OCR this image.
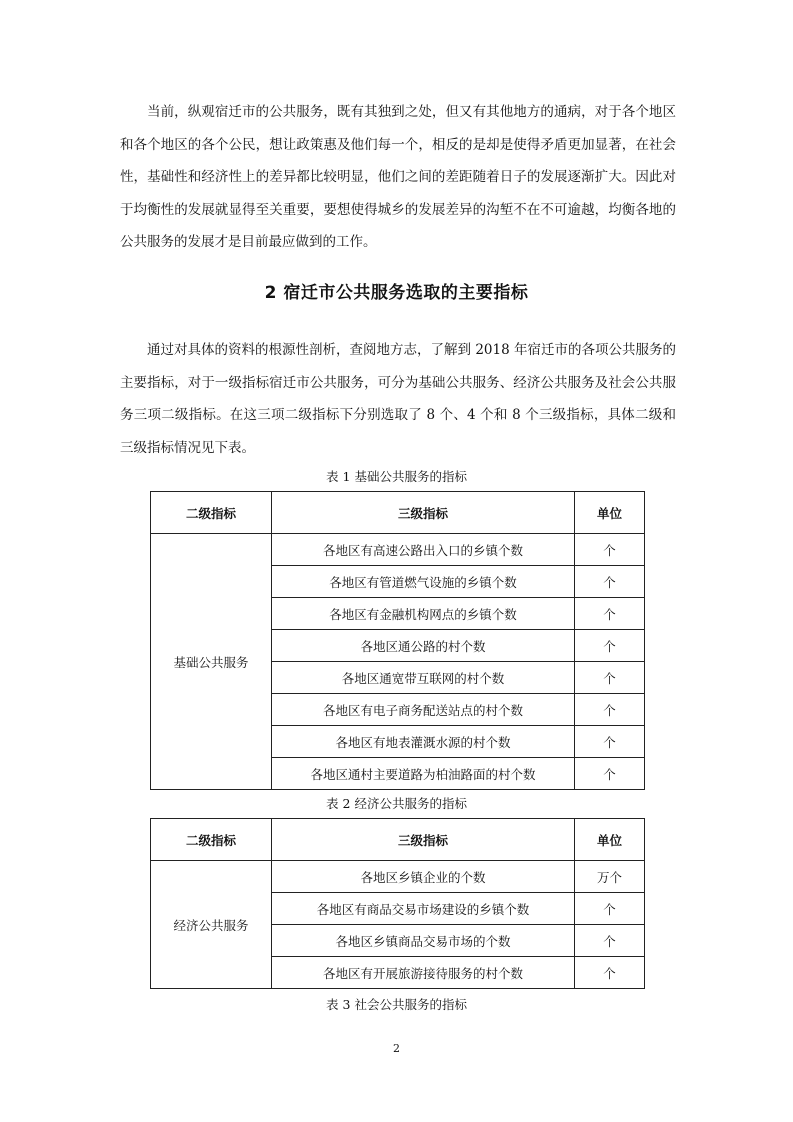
当前，纵观宿迁市的公共服务，既有其独到之处，但又有其他地方的通病，对于各个地区和各个地区的各个公民，想让政策惠及他们每一个，相反的是却是使得矛盾更加显著，在社会性，基础性和经济性上的差异都比较明显，他们之间的差距随着日子的发展逐渐扩大。因此对于均衡性的发展就显得至关重要，要想使得城乡的发展差异的沟堑不在不可逾越，均衡各地的公共服务的发展才是目前最应做到的工作。

2 宿迁市公共服务选取的主要指标

通过对具体的资料的根源性剖析，查阅地方志，了解到 2018 年宿迁市的各项公共服务的主要指标，对于一级指标宿迁市公共服务，可分为基础公共服务、经济公共服务及社会公共服务三项二级指标。在这三项二级指标下分别选取了 8 个、4 个和 8 个三级指标，具体二级和三级指标情况见下表。

表 1 基础公共服务的指标

二级指标	三级指标	单位
基础公共服务	各地区有高速公路出入口的乡镇个数	个
	各地区有管道燃气设施的乡镇个数	个
	各地区有金融机构网点的乡镇个数	个
	各地区通公路的村个数	个
	各地区通宽带互联网的村个数	个
	各地区有电子商务配送站点的村个数	个
	各地区有地表灌溉水源的村个数	个
	各地区通村主要道路为柏油路面的村个数	个

表 2 经济公共服务的指标

二级指标	三级指标	单位
经济公共服务	各地区乡镇企业的个数	万个
	各地区有商品交易市场建设的乡镇个数	个
	各地区乡镇商品交易市场的个数	个
	各地区有开展旅游接待服务的村个数	个

表 3 社会公共服务的指标

2
